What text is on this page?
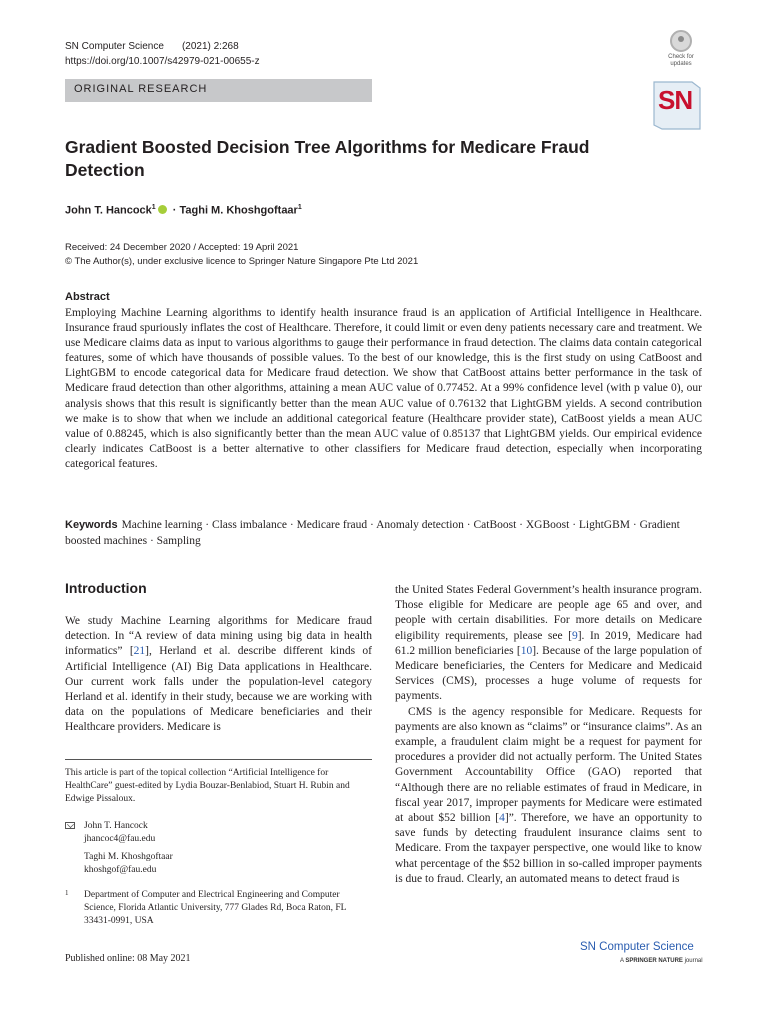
SN Computer Science (2021) 2:268
https://doi.org/10.1007/s42979-021-00655-z
ORIGINAL RESEARCH
Check for updates
SN
Gradient Boosted Decision Tree Algorithms for Medicare Fraud Detection
John T. Hancock$^1$ · Taghi M. Khoshgoftaar$^1$
Received: 24 December 2020 / Accepted: 19 April 2021
© The Author(s), under exclusive licence to Springer Nature Singapore Pte Ltd 2021
Abstract
Employing Machine Learning algorithms to identify health insurance fraud is an application of Artificial Intelligence in Healthcare. Insurance fraud spuriously inflates the cost of Healthcare. Therefore, it could limit or even deny patients necessary care and treatment. We use Medicare claims data as input to various algorithms to gauge their performance in fraud detection. The claims data contain categorical features, some of which have thousands of possible values. To the best of our knowledge, this is the first study on using CatBoost and LightGBM to encode categorical data for Medicare fraud detection. We show that CatBoost attains better performance in the task of Medicare fraud detection than other algorithms, attaining a mean AUC value of 0.77452. At a 99% confidence level (with p value 0), our analysis shows that this result is significantly better than the mean AUC value of 0.76132 that LightGBM yields. A second contribution we make is to show that when we include an additional categorical feature (Healthcare provider state), CatBoost yields a mean AUC value of 0.88245, which is also significantly better than the mean AUC value of 0.85137 that LightGBM yields. Our empirical evidence clearly indicates CatBoost is a better alternative to other classifiers for Medicare fraud detection, especially when incorporating categorical features.
Keywords Machine learning · Class imbalance · Medicare fraud · Anomaly detection · CatBoost · XGBoost · LightGBM · Gradient boosted machines · Sampling
Introduction
We study Machine Learning algorithms for Medicare fraud detection. In “A review of data mining using big data in health informatics” [21], Herland et al. describe different kinds of Artificial Intelligence (AI) Big Data applications in Healthcare. Our current work falls under the population-level category Herland et al. identify in their study, because we are working with data on the populations of Medicare beneficiaries and their Healthcare providers. Medicare is
This article is part of the topical collection “Artificial Intelligence for HealthCare” guest-edited by Lydia Bouzar-Benlabiod, Stuart H. Rubin and Edwige Pissaloux.
John T. Hancock
jhancoc4@fau.edu
Taghi M. Khoshgoftaar
khoshgof@fau.edu
1 Department of Computer and Electrical Engineering and Computer Science, Florida Atlantic University, 777 Glades Rd, Boca Raton, FL 33431-0991, USA
the United States Federal Government’s health insurance program. Those eligible for Medicare are people age 65 and over, and people with certain disabilities. For more details on Medicare eligibility requirements, please see [9]. In 2019, Medicare had 61.2 million beneficiaries [10]. Because of the large population of Medicare beneficiaries, the Centers for Medicare and Medicaid Services (CMS), processes a huge volume of requests for payments.
CMS is the agency responsible for Medicare. Requests for payments are also known as “claims” or “insurance claims”. As an example, a fraudulent claim might be a request for payment for procedures a provider did not actually perform. The United States Government Accountability Office (GAO) reported that “Although there are no reliable estimates of fraud in Medicare, in fiscal year 2017, improper payments for Medicare were estimated at about $52 billion [4]”. Therefore, we have an opportunity to save funds by detecting fraudulent insurance claims sent to Medicare. From the taxpayer perspective, one would like to know what percentage of the $52 billion in so-called improper payments is due to fraud. Clearly, an automated means to detect fraud is
Published online: 08 May 2021
SN Computer Science
A SPRINGER NATURE journal
